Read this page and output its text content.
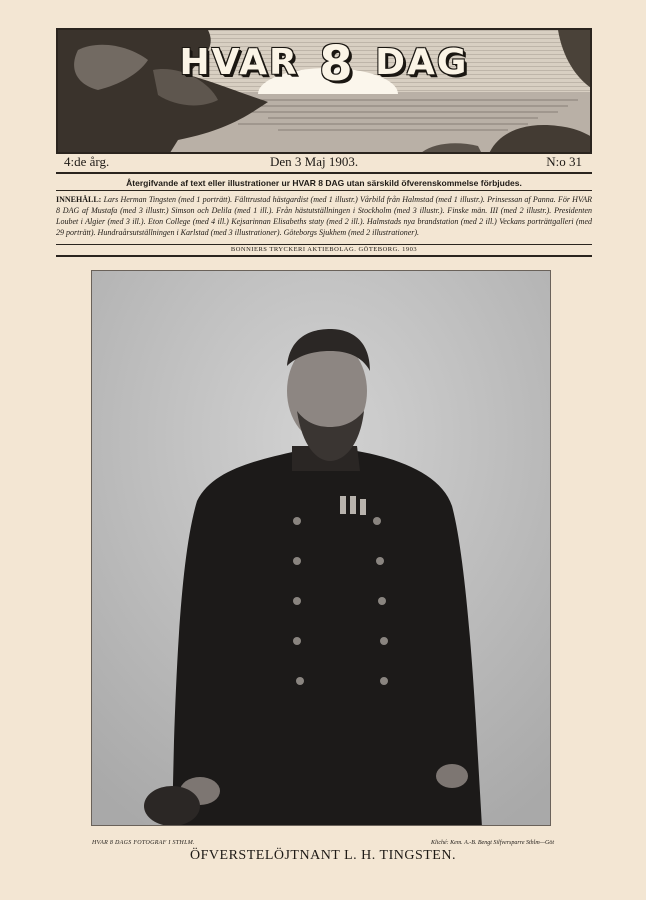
HVAR 8 DAG
4:de årg.	Den 3 Maj 1903.	N:o 31
Återgifvande af text eller illustrationer ur HVAR 8 DAG utan särskild öfverenskommelse förbjudes.
INNEHÅLL: Lars Herman Tingsten (med 1 porträtt). Fälttrustad hästgardist (med 1 illustr.) Vårbild från Halmstad (med 1 illustr.). Prinsessan af Panna. För HVAR 8 DAG af Mustafa (med 3 illustr.) Simson och Delila (med 1 ill.). Från hästutställningen i Stockholm (med 3 illustr.). Finske män. III (med 2 illustr.). Presidenten Loubet i Algier (med 3 ill.). Eton College (med 4 ill.) Kejsarinnan Elisabeths staty (med 2 ill.). Halmstads nya brandstation (med 2 ill.) Veckans porträttgalleri (med 29 porträtt). Hundraårsutställningen i Karlstad (med 3 illustrationer). Göteborgs Sjukhem (med 2 illustrationer).
BONNIERS TRYCKERI AKTIEBOLAG. GÖTEBORG. 1903
HVAR 8 DAGS FOTOGRAF I STHLM.	Kliché: Kem. A.-B. Bengt Silfversparre Sthlm—Göt
ÖFVERSTELÖJTNANT L. H. TINGSTEN.
